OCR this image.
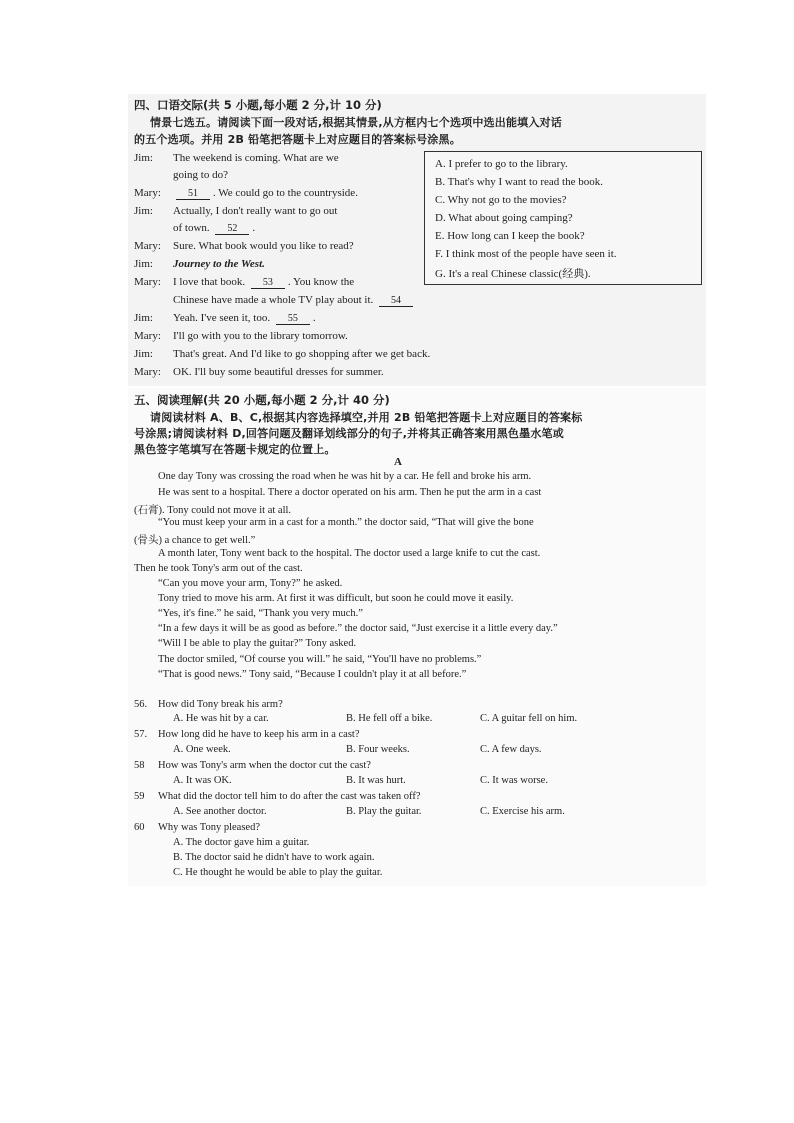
四、口语交际(共 5 小题,每小题 2 分,计 10 分)
情景七选五。请阅读下面一段对话,根据其情景,从方框内七个选项中选出能填入对话
的五个选项。并用 2B 铅笔把答题卡上对应题目的答案标号涂黑。
Jim: The weekend is coming. What are we
going to do?
Mary:	51 . We could go to the countryside.
Jim: Actually, I don't really want to go out
of town. 52 .
Mary: Sure. What book would you like to read?
Jim: Journey to the West.
Mary: I love that book. 53 . You know the
Chinese have made a whole TV play about it. 54
Jim: Yeah. I've seen it, too. 55 .
Mary: I'll go with you to the library tomorrow.
Jim: That's great. And I'd like to go shopping after we get back.
Mary: OK. I'll buy some beautiful dresses for summer.
A. I prefer to go to the library.
B. That's why I want to read the book.
C. Why not go to the movies?
D. What about going camping?
E. How long can I keep the book?
F. I think most of the people have seen it.
G. It's a real Chinese classic(经典).
五、阅读理解(共 20 小题,每小题 2 分,计 40 分)
请阅读材料 A、B、C,根据其内容选择填空,并用 2B 铅笔把答题卡上对应题目的答案标
号涂黑;请阅读材料 D,回答问题及翻译划线部分的句子,并将其正确答案用黑色墨水笔或
黑色签字笔填写在答题卡规定的位置上。
A
One day Tony was crossing the road when he was hit by a car. He fell and broke his arm.
He was sent to a hospital. There a doctor operated on his arm. Then he put the arm in a cast
(石膏). Tony could not move it at all.
“You must keep your arm in a cast for a month.” the doctor said, “That will give the bone
(骨头) a chance to get well.”
A month later, Tony went back to the hospital. The doctor used a large knife to cut the cast.
Then he took Tony's arm out of the cast.
“Can you move your arm, Tony?” he asked.
Tony tried to move his arm. At first it was difficult, but soon he could move it easily.
“Yes, it's fine.” he said, “Thank you very much.”
“In a few days it will be as good as before.” the doctor said, “Just exercise it a little every day.”
“Will I be able to play the guitar?” Tony asked.
The doctor smiled, “Of course you will.” he said, “You'll have no problems.”
“That is good news.” Tony said, “Because I couldn't play it at all before.”
56. How did Tony break his arm?
A. He was hit by a car.	B. He fell off a bike.	C. A guitar fell on him.
57. How long did he have to keep his arm in a cast?
A. One week.	B. Four weeks.	C. A few days.
58 How was Tony's arm when the doctor cut the cast?
A. It was OK.	B. It was hurt.	C. It was worse.
59 What did the doctor tell him to do after the cast was taken off?
A. See another doctor.	B. Play the guitar.	C. Exercise his arm.
60 Why was Tony pleased?
A. The doctor gave him a guitar.
B. The doctor said he didn't have to work again.
C. He thought he would be able to play the guitar.
